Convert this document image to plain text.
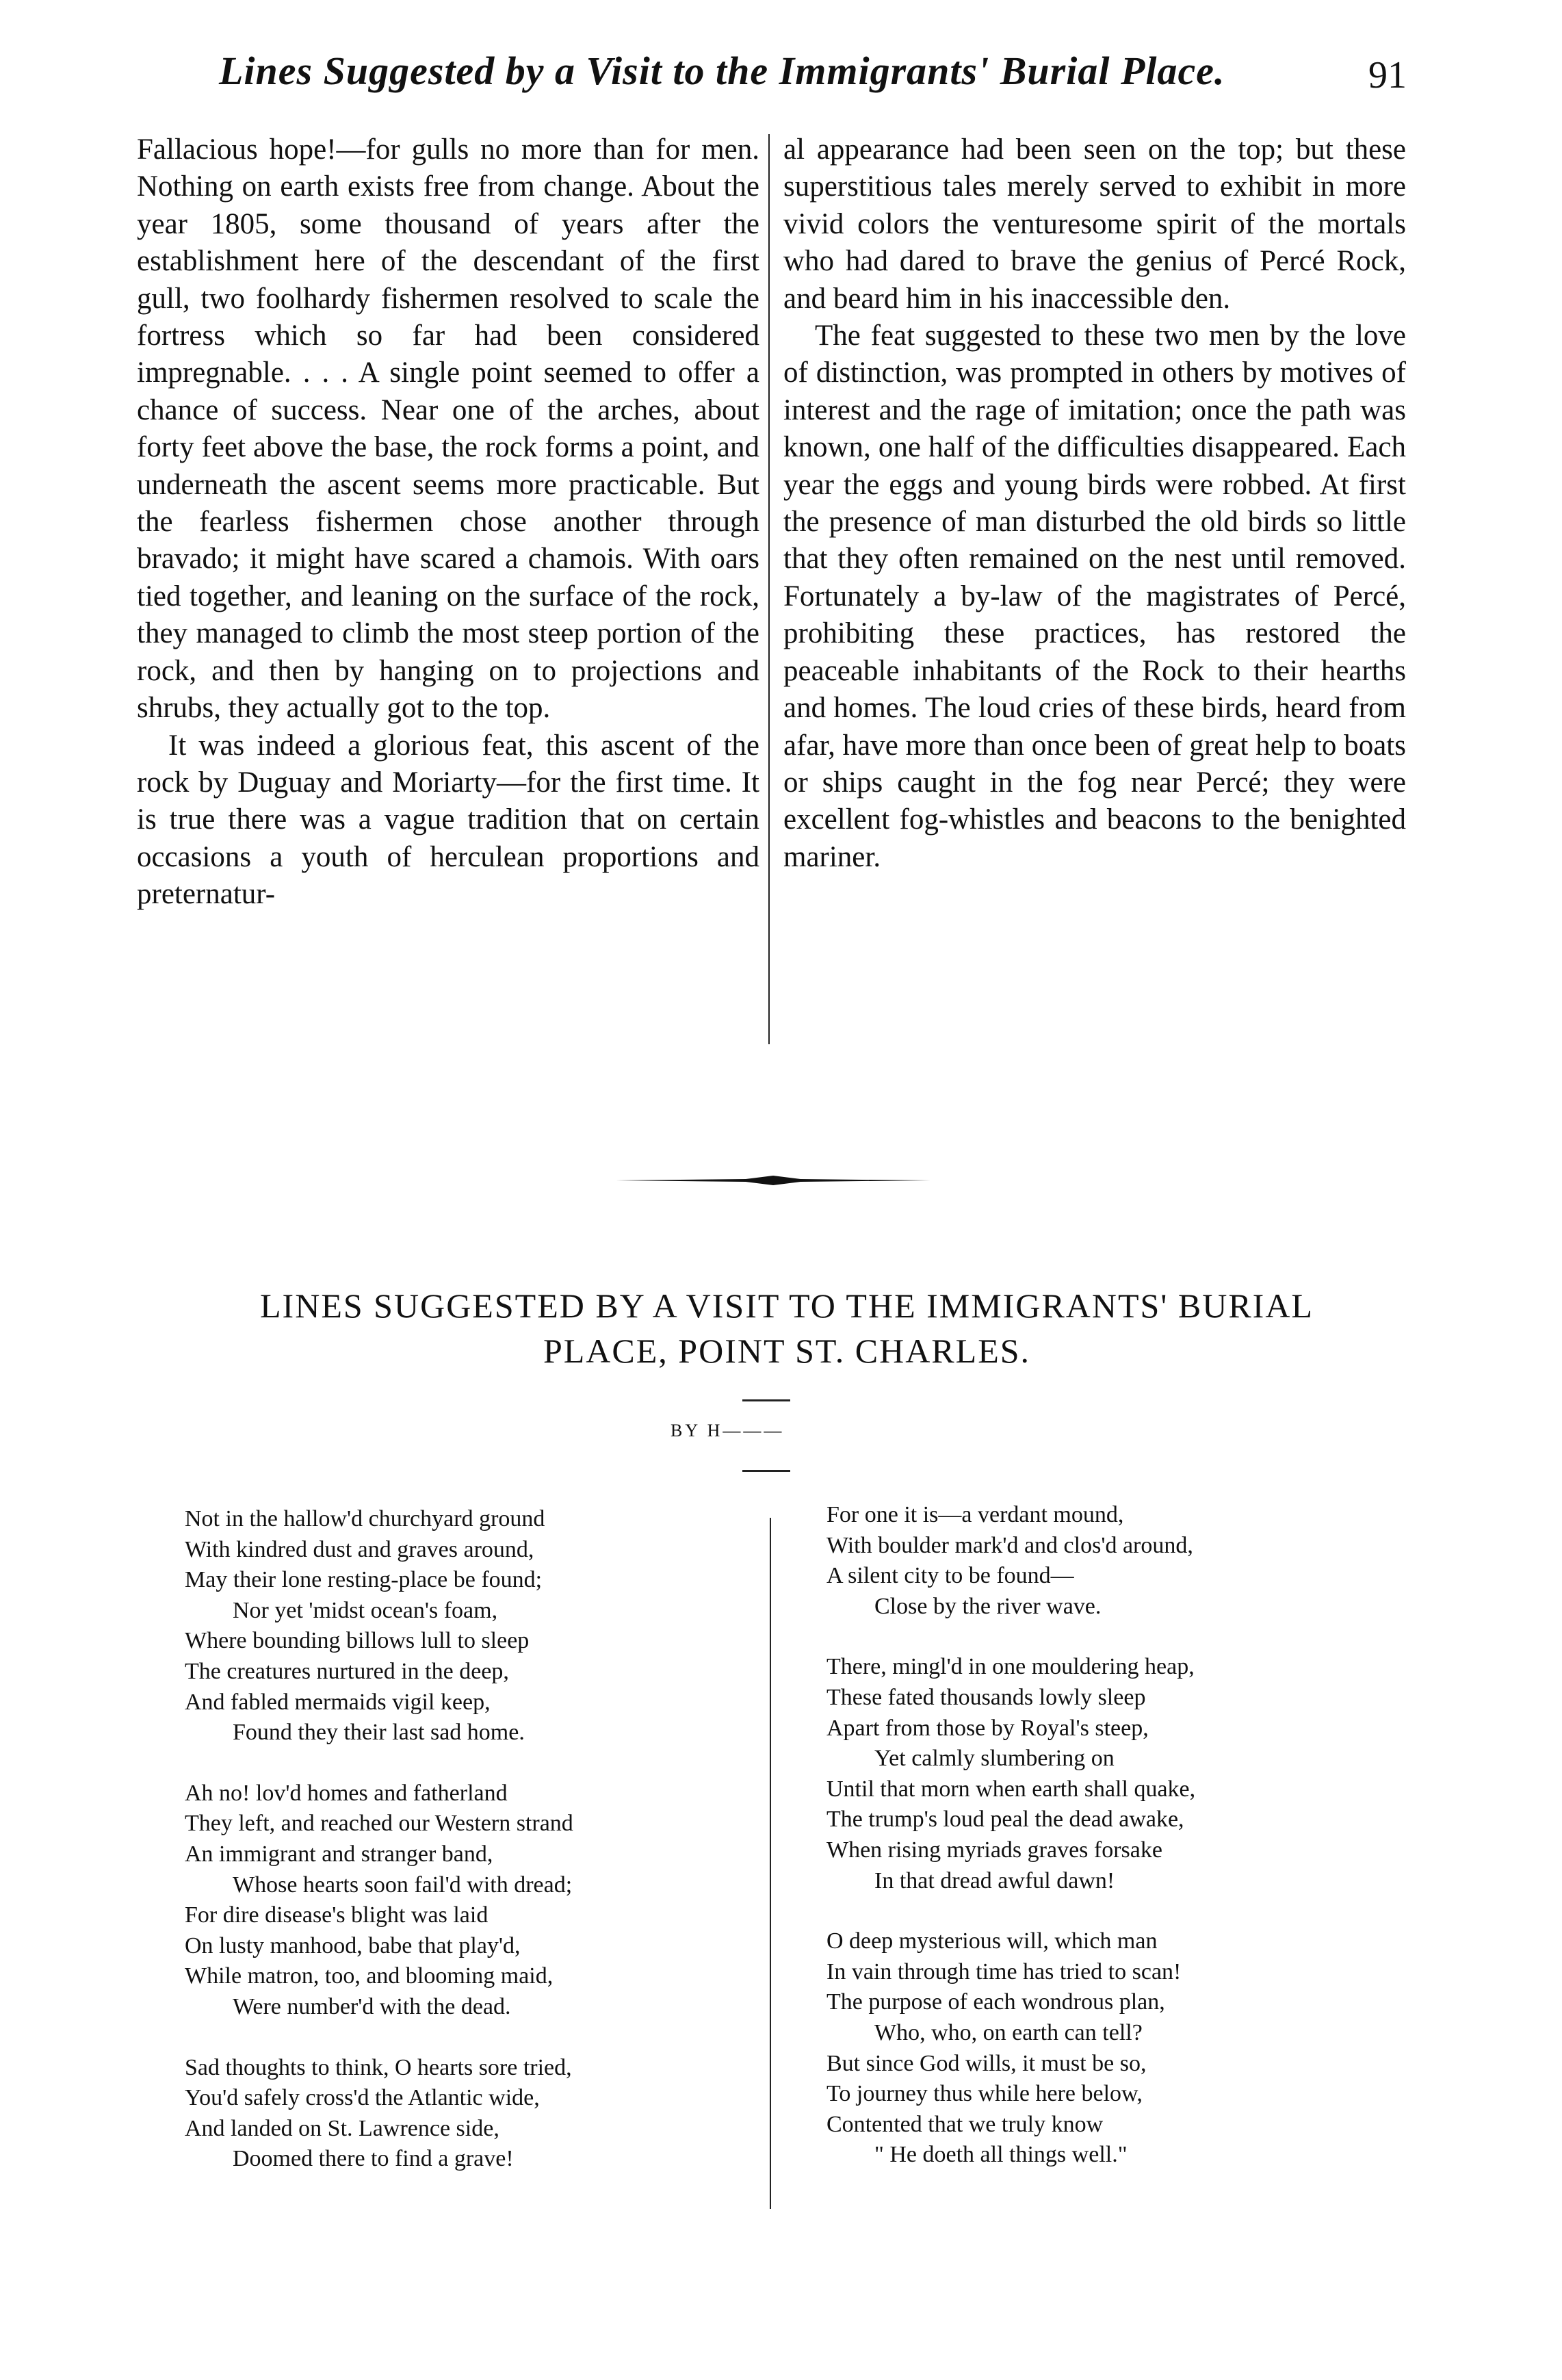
Lines Suggested by a Visit to the Immigrants' Burial Place.	91

Fallacious hope!—for gulls no more than for men. Nothing on earth exists free from change. About the year 1805, some thousand of years after the establishment here of the descendant of the first gull, two foolhardy fishermen resolved to scale the fortress which so far had been considered impregnable. . . . A single point seemed to offer a chance of success. Near one of the arches, about forty feet above the base, the rock forms a point, and underneath the ascent seems more practicable. But the fearless fishermen chose another through bravado; it might have scared a chamois. With oars tied together, and leaning on the surface of the rock, they managed to climb the most steep portion of the rock, and then by hanging on to projections and shrubs, they actually got to the top.

It was indeed a glorious feat, this ascent of the rock by Duguay and Moriarty—for the first time. It is true there was a vague tradition that on certain occasions a youth of herculean proportions and preternatur-

al appearance had been seen on the top; but these superstitious tales merely served to exhibit in more vivid colors the venturesome spirit of the mortals who had dared to brave the genius of Percé Rock, and beard him in his inaccessible den.

The feat suggested to these two men by the love of distinction, was prompted in others by motives of interest and the rage of imitation; once the path was known, one half of the difficulties disappeared. Each year the eggs and young birds were robbed. At first the presence of man disturbed the old birds so little that they often remained on the nest until removed. Fortunately a by-law of the magistrates of Percé, prohibiting these practices, has restored the peaceable inhabitants of the Rock to their hearths and homes. The loud cries of these birds, heard from afar, have more than once been of great help to boats or ships caught in the fog near Percé; they were excellent fog-whistles and beacons to the benighted mariner.

LINES SUGGESTED BY A VISIT TO THE IMMIGRANTS' BURIAL
PLACE, POINT ST. CHARLES.
BY H———
Not in the hallow'd churchyard ground
With kindred dust and graves around,
May their lone resting-place be found;
Nor yet 'midst ocean's foam,
Where bounding billows lull to sleep
The creatures nurtured in the deep,
And fabled mermaids vigil keep,
Found they their last sad home.
Ah no! lov'd homes and fatherland
They left, and reached our Western strand
An immigrant and stranger band,
Whose hearts soon fail'd with dread;
For dire disease's blight was laid
On lusty manhood, babe that play'd,
While matron, too, and blooming maid,
Were number'd with the dead.
Sad thoughts to think, O hearts sore tried,
You'd safely cross'd the Atlantic wide,
And landed on St. Lawrence side,
Doomed there to find a grave!
For one it is—a verdant mound,
With boulder mark'd and clos'd around,
A silent city to be found—
Close by the river wave.
There, mingl'd in one mouldering heap,
These fated thousands lowly sleep
Apart from those by Royal's steep,
Yet calmly slumbering on
Until that morn when earth shall quake,
The trump's loud peal the dead awake,
When rising myriads graves forsake
In that dread awful dawn!
O deep mysterious will, which man
In vain through time has tried to scan!
The purpose of each wondrous plan,
Who, who, on earth can tell?
But since God wills, it must be so,
To journey thus while here below,
Contented that we truly know
" He doeth all things well."
